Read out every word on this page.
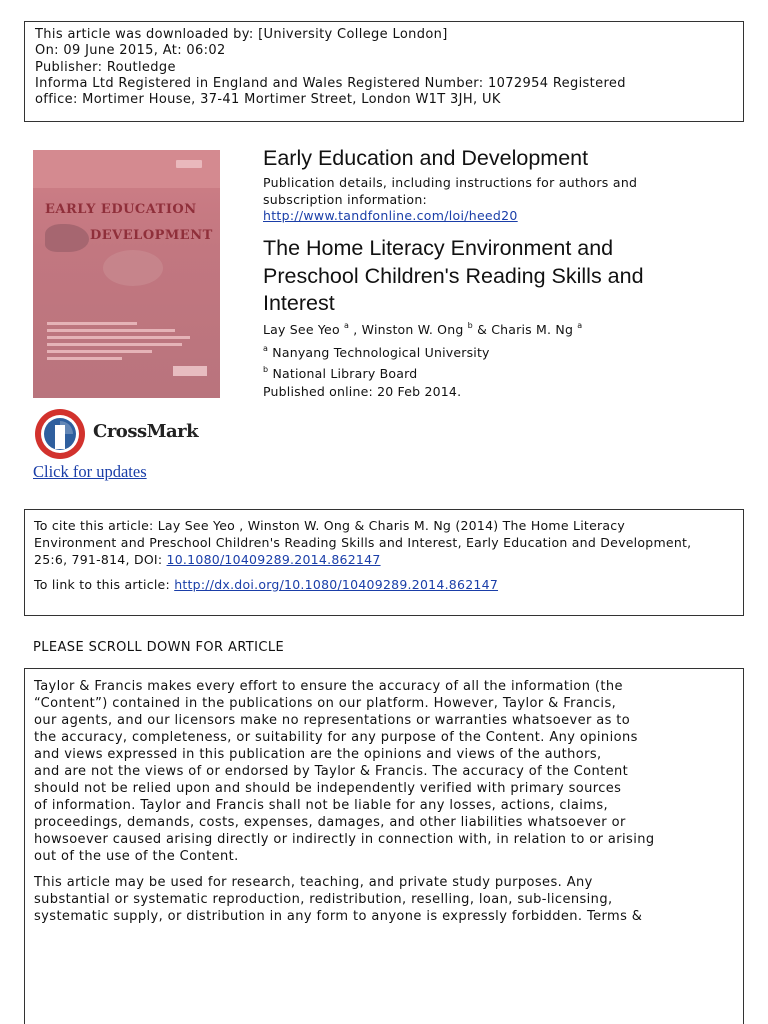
This article was downloaded by: [University College London]
On: 09 June 2015, At: 06:02
Publisher: Routledge
Informa Ltd Registered in England and Wales Registered Number: 1072954 Registered
office: Mortimer House, 37-41 Mortimer Street, London W1T 3JH, UK
EARLY EDUCATION
DEVELOPMENT
CrossMark
Click for updates
Early Education and Development
Publication details, including instructions for authors and
subscription information:
http://www.tandfonline.com/loi/heed20
The Home Literacy Environment and
Preschool Children's Reading Skills and
Interest
Lay See Yeo $^a$ , Winston W. Ong $^b$ & Charis M. Ng $^a$
$^a$ Nanyang Technological University
$^b$ National Library Board
Published online: 20 Feb 2014.
To cite this article: Lay See Yeo , Winston W. Ong & Charis M. Ng (2014) The Home Literacy
Environment and Preschool Children's Reading Skills and Interest, Early Education and Development,
25:6, 791-814, DOI: 10.1080/10409289.2014.862147
To link to this article: http://dx.doi.org/10.1080/10409289.2014.862147
PLEASE SCROLL DOWN FOR ARTICLE
Taylor & Francis makes every effort to ensure the accuracy of all the information (the
“Content”) contained in the publications on our platform. However, Taylor & Francis,
our agents, and our licensors make no representations or warranties whatsoever as to
the accuracy, completeness, or suitability for any purpose of the Content. Any opinions
and views expressed in this publication are the opinions and views of the authors,
and are not the views of or endorsed by Taylor & Francis. The accuracy of the Content
should not be relied upon and should be independently verified with primary sources
of information. Taylor and Francis shall not be liable for any losses, actions, claims,
proceedings, demands, costs, expenses, damages, and other liabilities whatsoever or
howsoever caused arising directly or indirectly in connection with, in relation to or arising
out of the use of the Content.
This article may be used for research, teaching, and private study purposes. Any
substantial or systematic reproduction, redistribution, reselling, loan, sub-licensing,
systematic supply, or distribution in any form to anyone is expressly forbidden. Terms &
